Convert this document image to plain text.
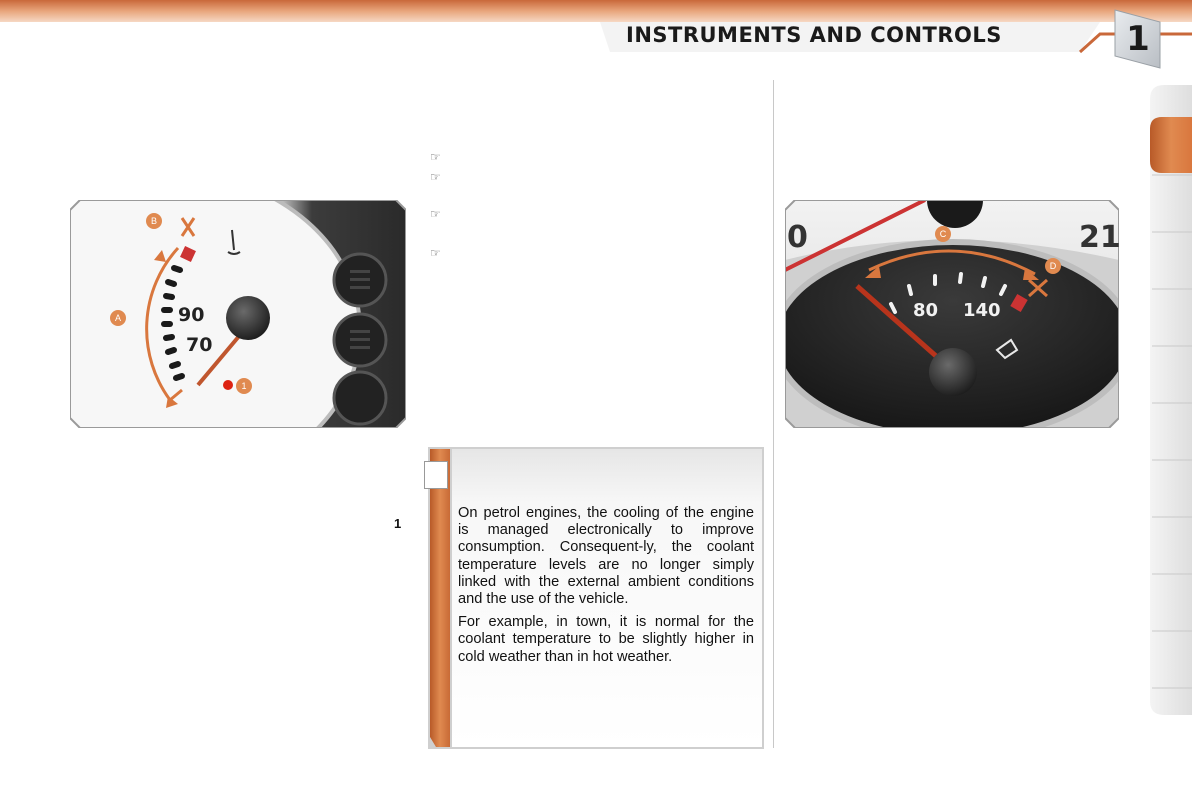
INSTRUMENTS AND CONTROLS	1
90
70
B
A
1
☞
☞
☞
☞
1

On petrol engines, the cooling of the engine is managed electronically to improve consumption. Consequent-ly, the coolant temperature levels are no longer simply linked with the external ambient conditions and the use of the vehicle.

For example, in town, it is normal for the coolant temperature to be slightly higher in cold weather than in hot weather.

80 140
0	21
C
D
